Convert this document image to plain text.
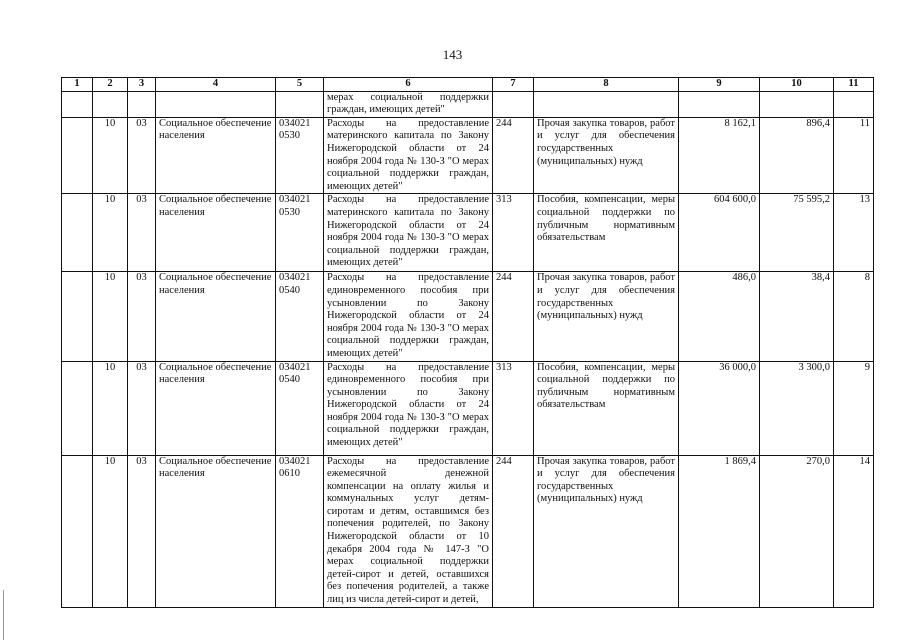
143
1	2	3	4	5	6	7	8	9	10	11

					мерах социальной поддержки граждан, имеющих детей"					

	10	03	Социальное обеспечение населения	034021 0530	Расходы на предоставление материнского капитала по Закону Нижегородской области от 24 ноября 2004 года № 130-З "О мерах социальной поддержки граждан, имеющих детей"	244	Прочая закупка товаров, работ и услуг для обеспечения государственных (муниципальных) нужд	8 162,1	896,4	11
	10	03	Социальное обеспечение населения	034021 0530	Расходы на предоставление материнского капитала по Закону Нижегородской области от 24 ноября 2004 года № 130-З "О мерах социальной поддержки граждан, имеющих детей"	313	Пособия, компенсации, меры социальной поддержки по публичным нормативным обязательствам	604 600,0	75 595,2	13
	10	03	Социальное обеспечение населения	034021 0540	Расходы на предоставление единовременного пособия при усыновлении по Закону Нижегородской области от 24 ноября 2004 года № 130-З "О мерах социальной поддержки граждан, имеющих детей"	244	Прочая закупка товаров, работ и услуг для обеспечения государственных (муниципальных) нужд	486,0	38,4	8
	10	03	Социальное обеспечение населения	034021 0540	Расходы на предоставление единовременного пособия при усыновлении по Закону Нижегородской области от 24 ноября 2004 года № 130-З "О мерах социальной поддержки граждан, имеющих детей"	313	Пособия, компенсации, меры социальной поддержки по публичным нормативным обязательствам	36 000,0	3 300,0	9
	10	03	Социальное обеспечение населения	034021 0610	Расходы на предоставление ежемесячной денежной компенсации на оплату жилья и коммунальных услуг детям-сиротам и детям, оставшимся без попечения родителей, по Закону Нижегородской области от 10 декабря 2004 года № 147-З "О мерах социальной поддержки детей-сирот и детей, оставшихся без попечения родителей, а также лиц из числа детей-сирот и детей,	244	Прочая закупка товаров, работ и услуг для обеспечения государственных (муниципальных) нужд	1 869,4	270,0	14
